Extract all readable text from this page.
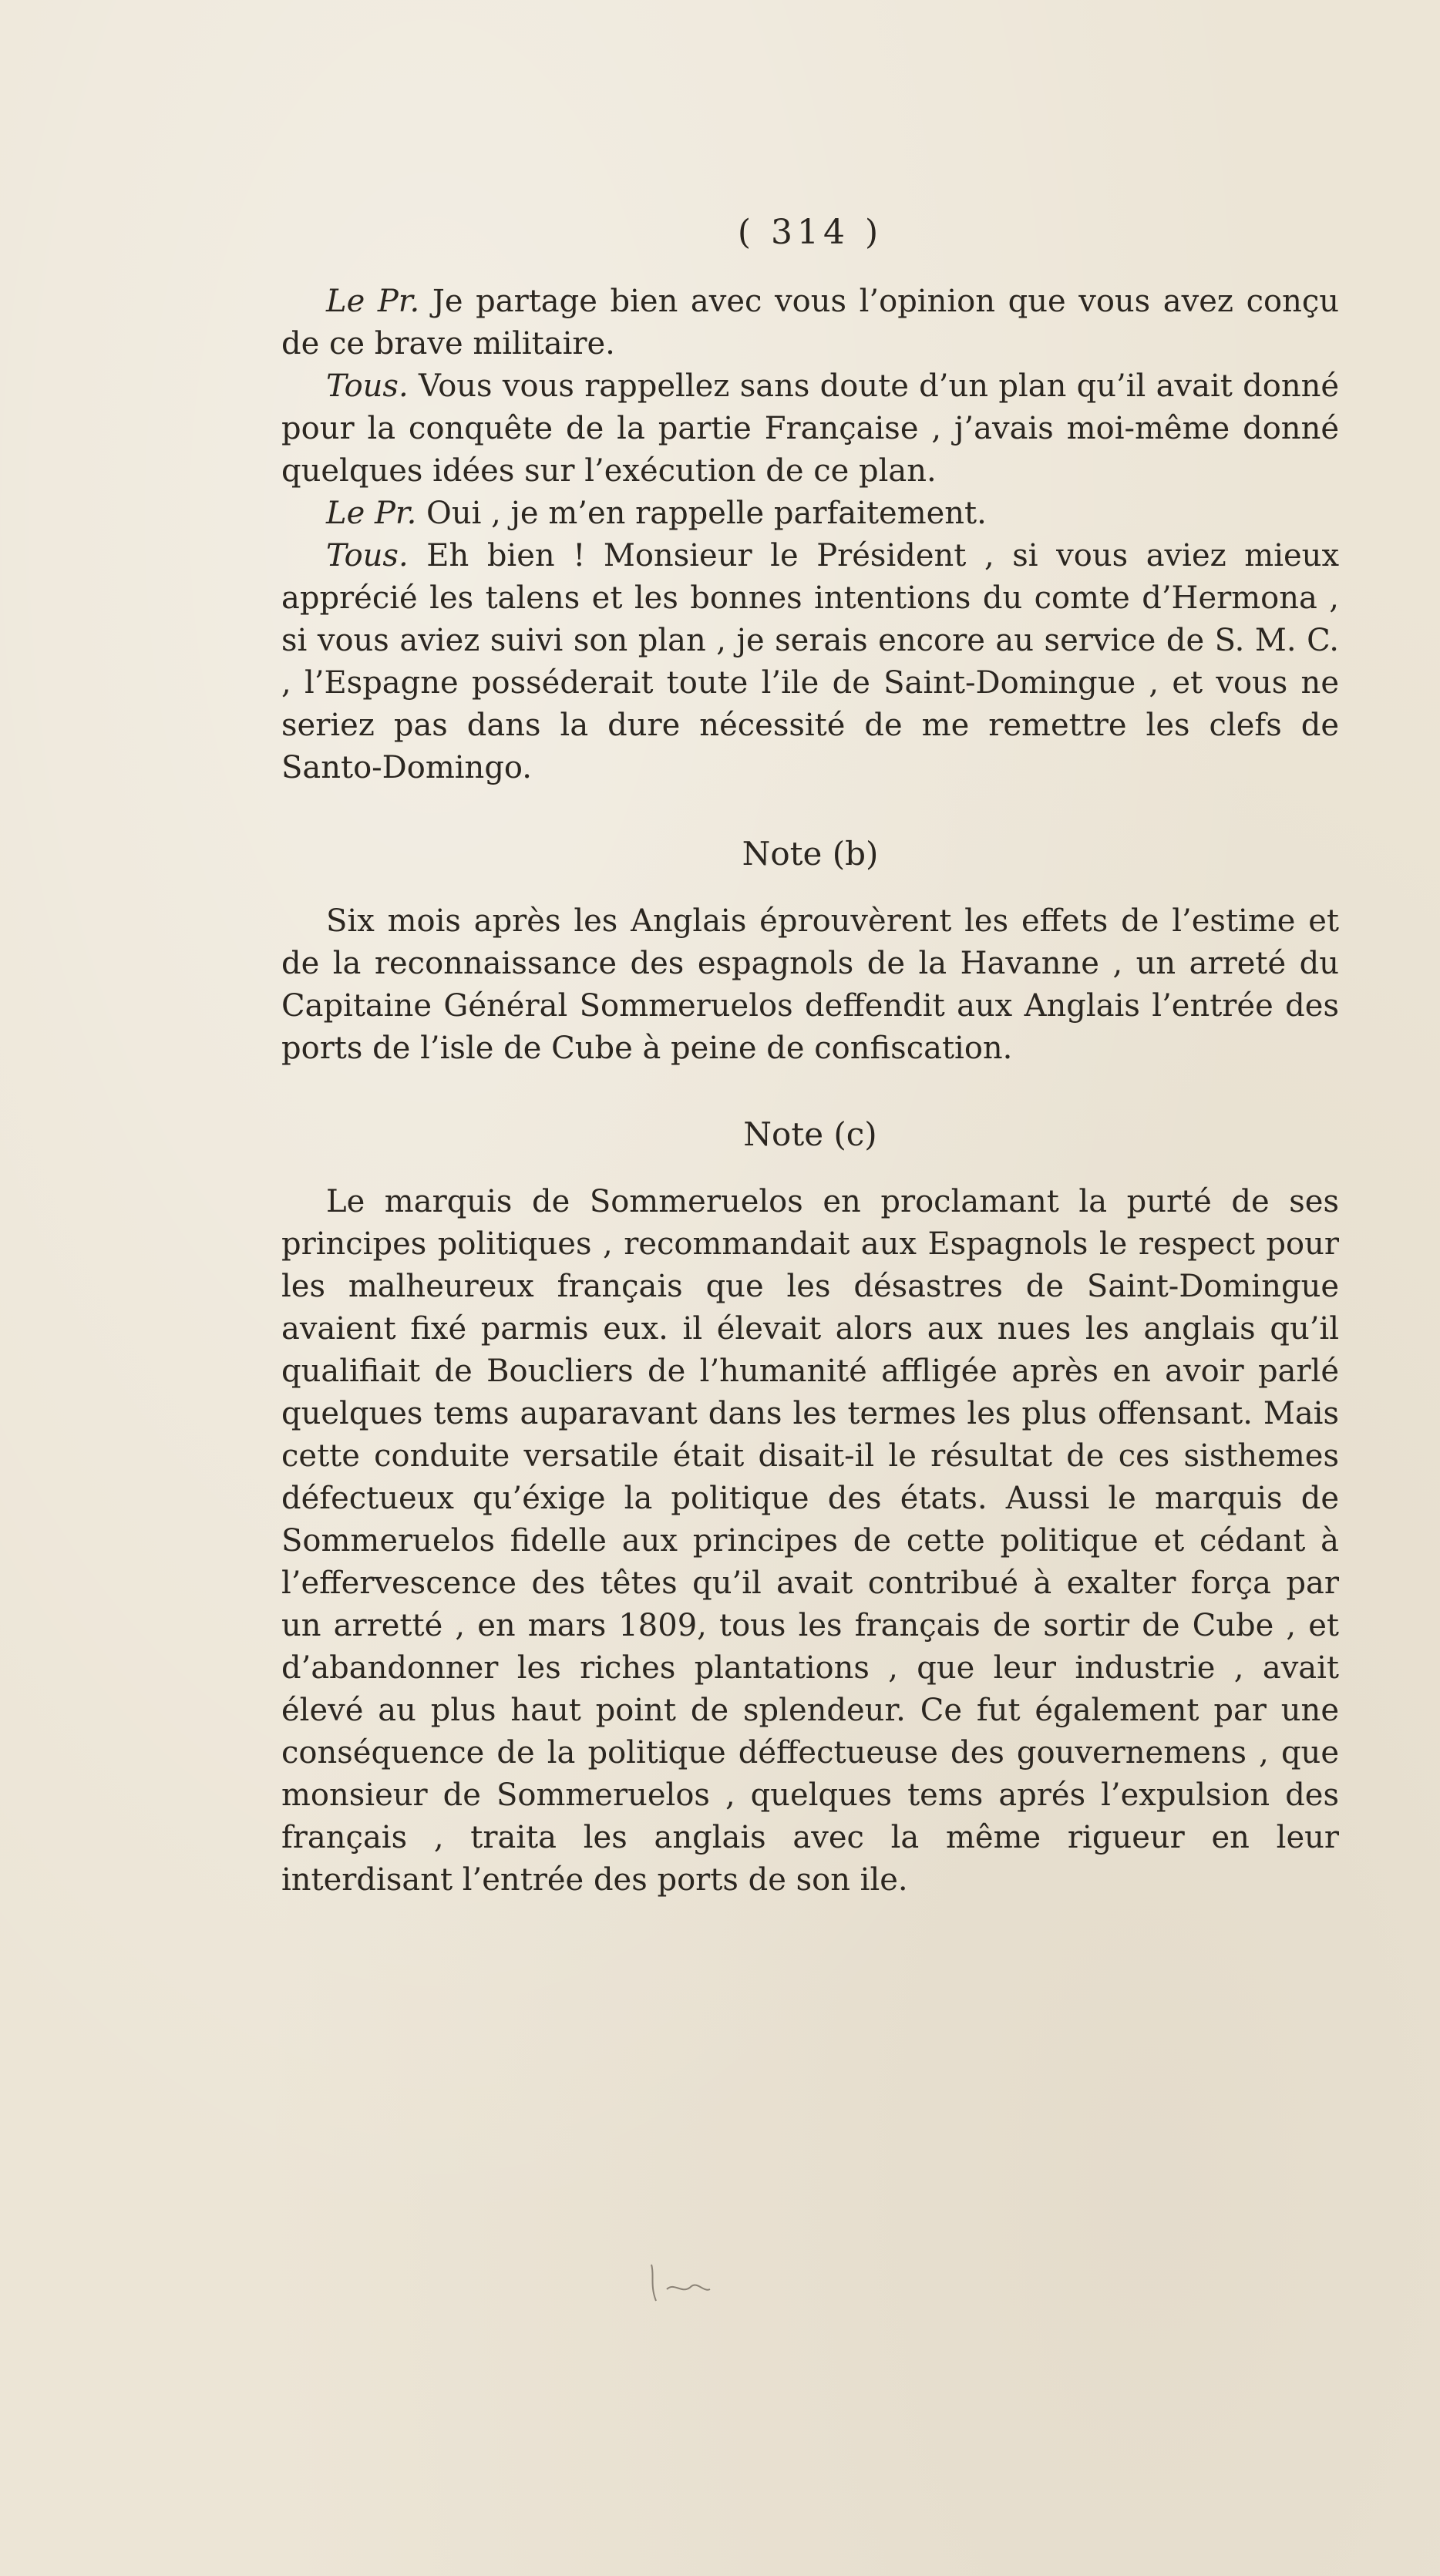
( 314 )

Le Pr. Je partage bien avec vous l’opinion que vous avez conçu de ce brave militaire.

Tous. Vous vous rappellez sans doute d’un plan qu’il avait donné pour la conquête de la partie Française , j’avais moi-même donné quelques idées sur l’exécution de ce plan.

Le Pr. Oui , je m’en rappelle parfaitement.

Tous. Eh bien ! Monsieur le Président , si vous aviez mieux apprécié les talens et les bonnes intentions du comte d’Hermona , si vous aviez suivi son plan , je serais encore au service de S. M. C. , l’Espagne posséderait toute l’ile de Saint-Domingue , et vous ne seriez pas dans la dure nécessité de me remettre les clefs de Santo-Domingo.

Note (b)

Six mois après les Anglais éprouvèrent les effets de l’estime et de la reconnaissance des espagnols de la Havanne , un arreté du Capitaine Général Sommeruelos deffendit aux Anglais l’entrée des ports de l’isle de Cube à peine de confiscation.

Note (c)

Le marquis de Sommeruelos en proclamant la purté de ses principes politiques , recommandait aux Espagnols le respect pour les malheureux français que les désastres de Saint-Domingue avaient fixé parmis eux. il élevait alors aux nues les anglais qu’il qualifiait de Boucliers de l’humanité affligée après en avoir parlé quelques tems auparavant dans les termes les plus offensant. Mais cette conduite versatile était disait-il le résultat de ces sisthemes défectueux qu’éxige la politique des états. Aussi le marquis de Sommeruelos fidelle aux principes de cette politique et cédant à l’effervescence des têtes qu’il avait contribué à exalter força par un arretté , en mars 1809, tous les français de sortir de Cube , et d’abandonner les riches plantations , que leur industrie , avait élevé au plus haut point de splendeur. Ce fut également par une conséquence de la politique déffectueuse des gouvernemens , que monsieur de Sommeruelos , quelques tems aprés l’expulsion des français , traita les anglais avec la même rigueur en leur interdisant l’entrée des ports de son ile.
